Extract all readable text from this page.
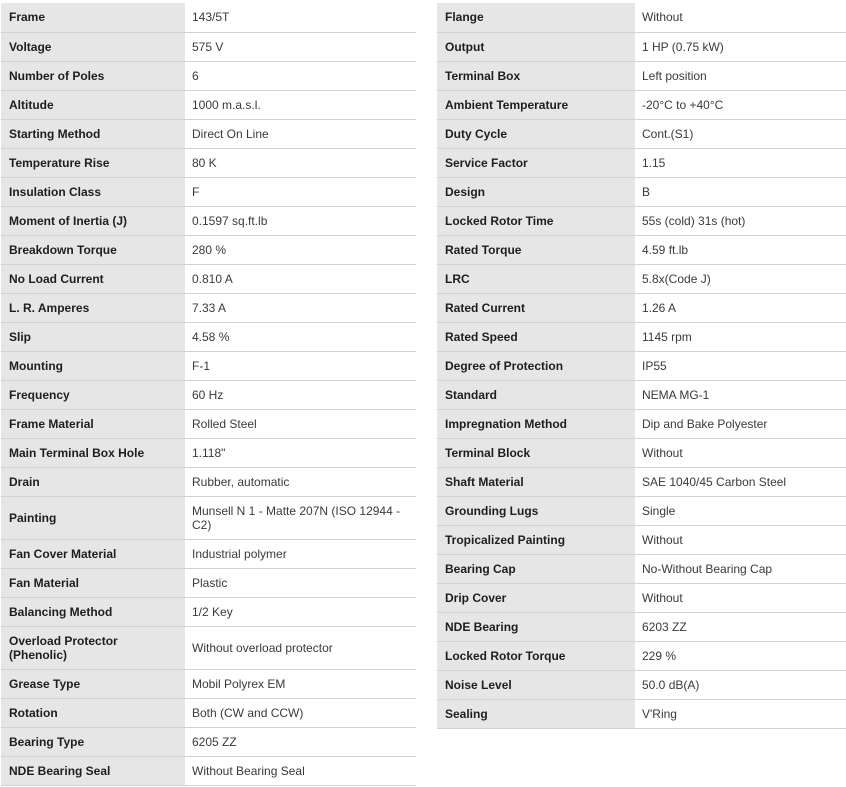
Frame	143/5T
Voltage	575 V
Number of Poles	6
Altitude	1000 m.a.s.l.
Starting Method	Direct On Line
Temperature Rise	80 K
Insulation Class	F
Moment of Inertia (J)	0.1597 sq.ft.lb
Breakdown Torque	280 %
No Load Current	0.810 A
L. R. Amperes	7.33 A
Slip	4.58 %
Mounting	F-1
Frequency	60 Hz
Frame Material	Rolled Steel
Main Terminal Box Hole	1.118"
Drain	Rubber, automatic
Painting	Munsell N 1 - Matte 207N (ISO 12944 - C2)
Fan Cover Material	Industrial polymer
Fan Material	Plastic
Balancing Method	1/2 Key
Overload Protector (Phenolic)	Without overload protector
Grease Type	Mobil Polyrex EM
Rotation	Both (CW and CCW)
Bearing Type	6205 ZZ
NDE Bearing Seal	Without Bearing Seal
Flange	Without
Output	1 HP (0.75 kW)
Terminal Box	Left position
Ambient Temperature	-20°C to +40°C
Duty Cycle	Cont.(S1)
Service Factor	1.15
Design	B
Locked Rotor Time	55s (cold) 31s (hot)
Rated Torque	4.59 ft.lb
LRC	5.8x(Code J)
Rated Current	1.26 A
Rated Speed	1145 rpm
Degree of Protection	IP55
Standard	NEMA MG-1
Impregnation Method	Dip and Bake Polyester
Terminal Block	Without
Shaft Material	SAE 1040/45 Carbon Steel
Grounding Lugs	Single
Tropicalized Painting	Without
Bearing Cap	No-Without Bearing Cap
Drip Cover	Without
NDE Bearing	6203 ZZ
Locked Rotor Torque	229 %
Noise Level	50.0 dB(A)
Sealing	V'Ring
